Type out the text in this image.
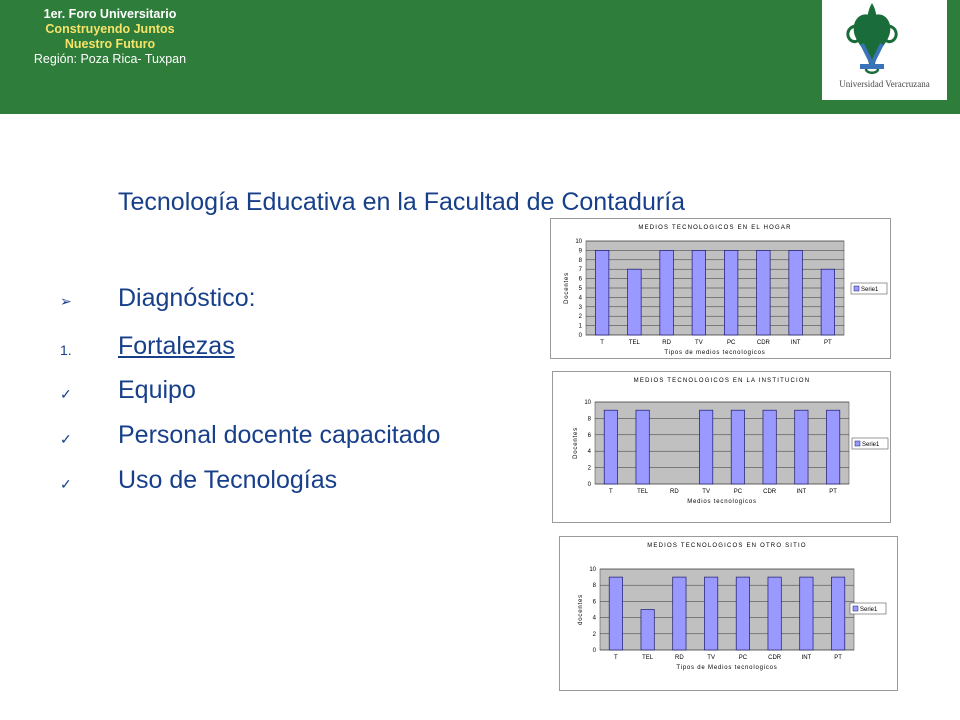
1er. Foro Universitario
Construyendo Juntos
Nuestro Futuro
Región: Poza Rica- Tuxpan
Universidad Veracruzana
Tecnología Educativa en la Facultad de Contaduría
➢ Diagnóstico:
1. Fortalezas
✓ Equipo
✓ Personal docente capacitado
✓ Uso de Tecnologías
MEDIOS TECNOLOGICOS EN EL HOGAR
0
1
2
3
4
5
6
7
8
9
10
T	TEL	RD	TV	PC	CDR	INT	PT
Tipos de medios tecnologicos
Docentes	Serie1
MEDIOS TECNOLOGICOS EN LA INSTITUCION
0
2
4
6
8
10
T	TEL	RD	TV	PC	CDR	INT	PT
Medios tecnologicos
Docentes	Serie1
MEDIOS TECNOLOGICOS EN OTRO SITIO
0
2
4
6
8
10
T	TEL	RD	TV	PC	CDR	INT	PT
Tipos de Medios tecnologicos
docentes	Serie1
